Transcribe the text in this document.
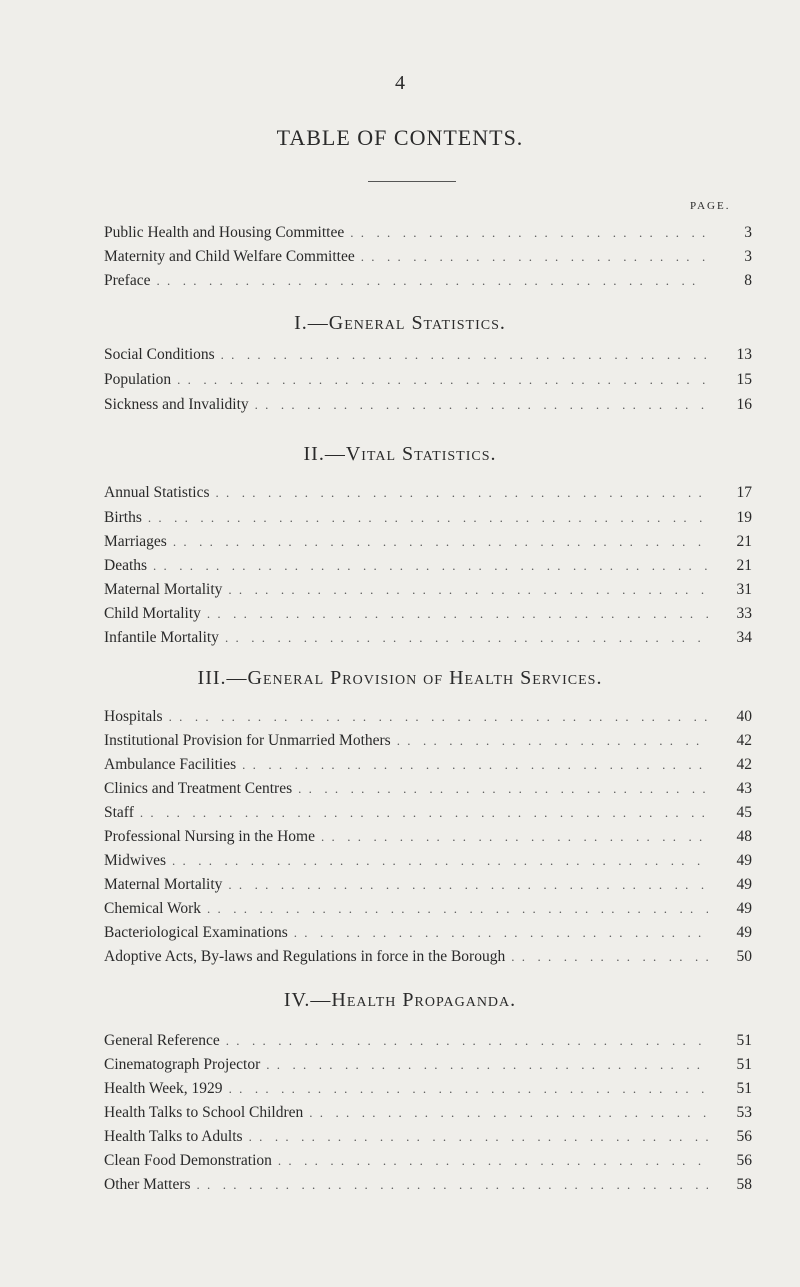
4
TABLE OF CONTENTS.
PAGE.
Public Health and Housing Committee . .	3
Maternity and Child Welfare Committee . .	3
Preface . .	8
I.—General Statistics.
Social Conditions . .	13
Population . .	15
Sickness and Invalidity . .	16
II.—Vital Statistics.
Annual Statistics . .	17
Births . .	19
Marriages . .	21
Deaths . .	21
Maternal Mortality . .	31
Child Mortality . .	33
Infantile Mortality . .	34
III.—General Provision of Health Services.
Hospitals . .	40
Institutional Provision for Unmarried Mothers . .	42
Ambulance Facilities . .	42
Clinics and Treatment Centres . .	43
Staff . .	45
Professional Nursing in the Home . .	48
Midwives . .	49
Maternal Mortality . .	49
Chemical Work . .	49
Bacteriological Examinations . .	49
Adoptive Acts, By-laws and Regulations in force in the Borough . .	50
IV.—Health Propaganda.
General Reference . .	51
Cinematograph Projector . .	51
Health Week, 1929 . .	51
Health Talks to School Children . .	53
Health Talks to Adults . .	56
Clean Food Demonstration . .	56
Other Matters . .	58
